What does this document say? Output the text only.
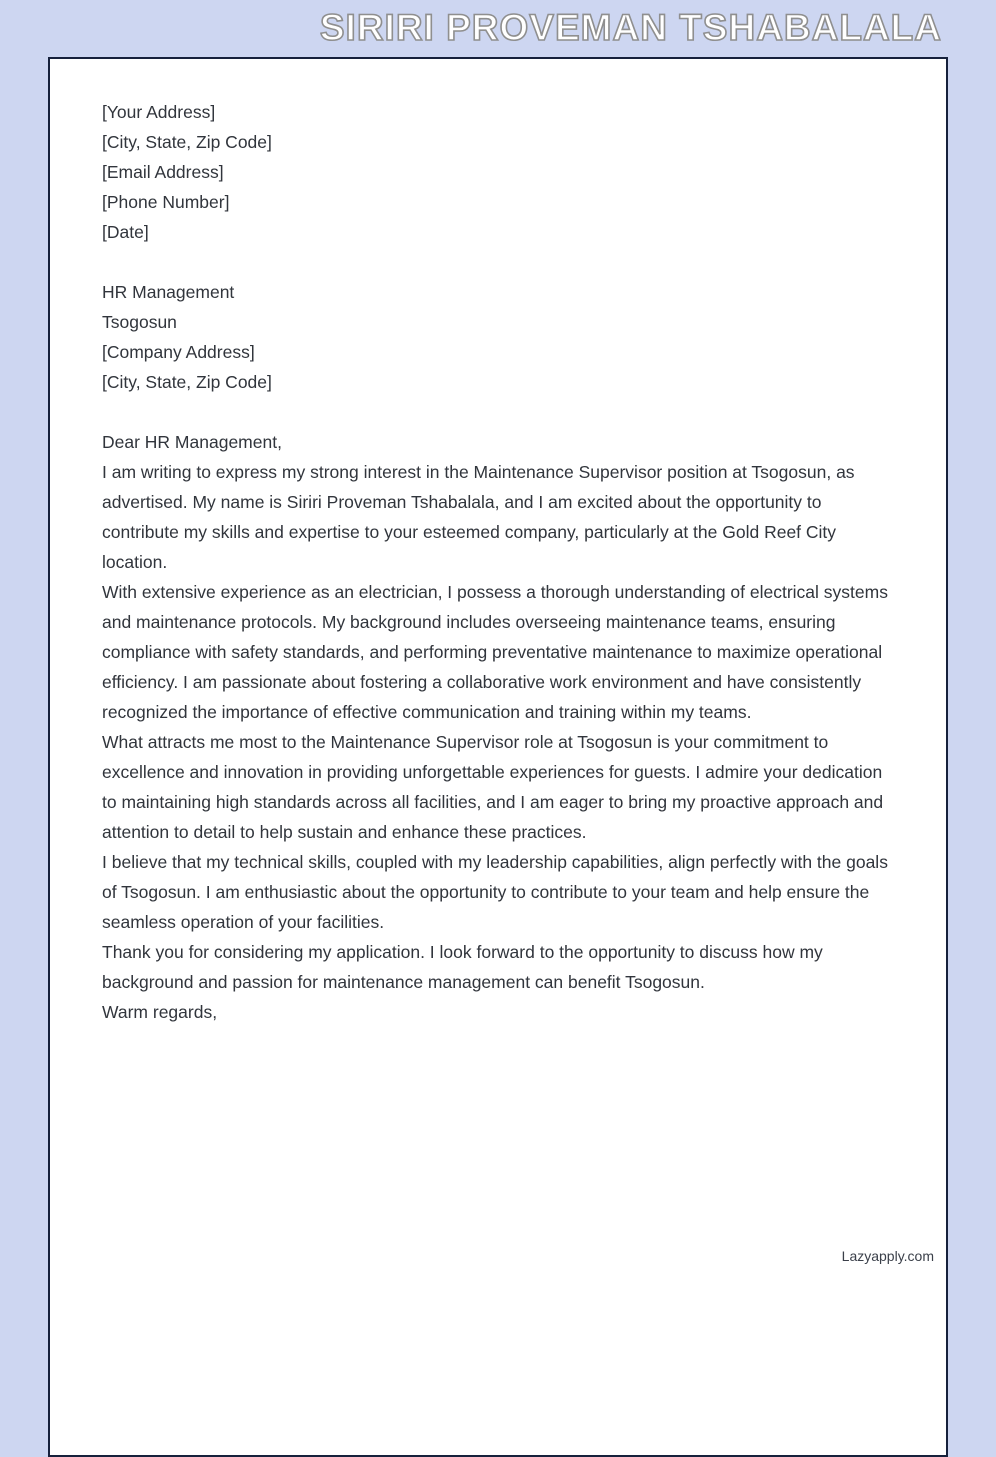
SIRIRI PROVEMAN TSHABALALA

[Your Address]

[City, State, Zip Code]

[Email Address]

[Phone Number]

[Date]

HR Management

Tsogosun

[Company Address]

[City, State, Zip Code]

Dear HR Management,

I am writing to express my strong interest in the Maintenance Supervisor position at Tsogosun, as advertised. My name is Siriri Proveman Tshabalala, and I am excited about the opportunity to contribute my skills and expertise to your esteemed company, particularly at the Gold Reef City location.

With extensive experience as an electrician, I possess a thorough understanding of electrical systems and maintenance protocols. My background includes overseeing maintenance teams, ensuring compliance with safety standards, and performing preventative maintenance to maximize operational efficiency. I am passionate about fostering a collaborative work environment and have consistently recognized the importance of effective communication and training within my teams.

What attracts me most to the Maintenance Supervisor role at Tsogosun is your commitment to excellence and innovation in providing unforgettable experiences for guests. I admire your dedication to maintaining high standards across all facilities, and I am eager to bring my proactive approach and attention to detail to help sustain and enhance these practices.

I believe that my technical skills, coupled with my leadership capabilities, align perfectly with the goals of Tsogosun. I am enthusiastic about the opportunity to contribute to your team and help ensure the seamless operation of your facilities.

Thank you for considering my application. I look forward to the opportunity to discuss how my background and passion for maintenance management can benefit Tsogosun.

Warm regards,

Lazyapply.com
